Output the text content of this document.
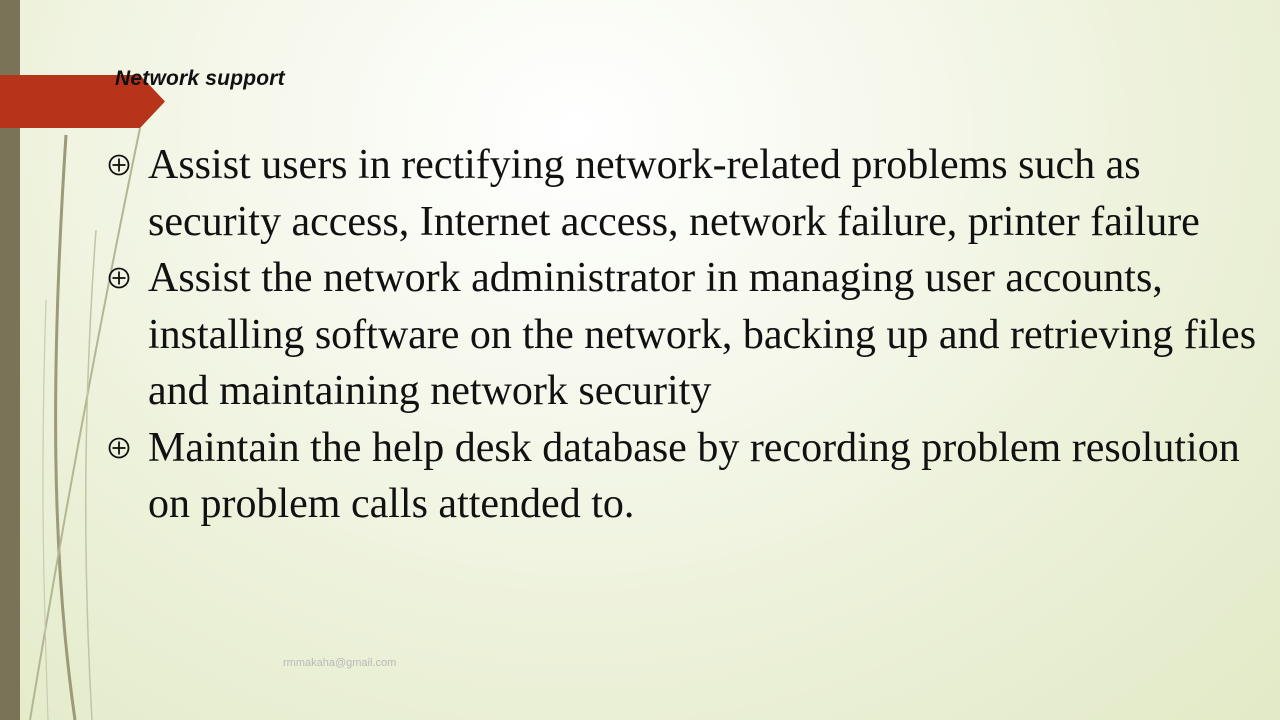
Network support
Assist users in rectifying network-related problems such as security access, Internet access, network failure, printer failure
Assist the network administrator in managing user accounts, installing software on the network, backing up and retrieving files and maintaining network security
Maintain the help desk database by recording problem resolution on problem calls attended to.
rmmakaha@gmail.com
